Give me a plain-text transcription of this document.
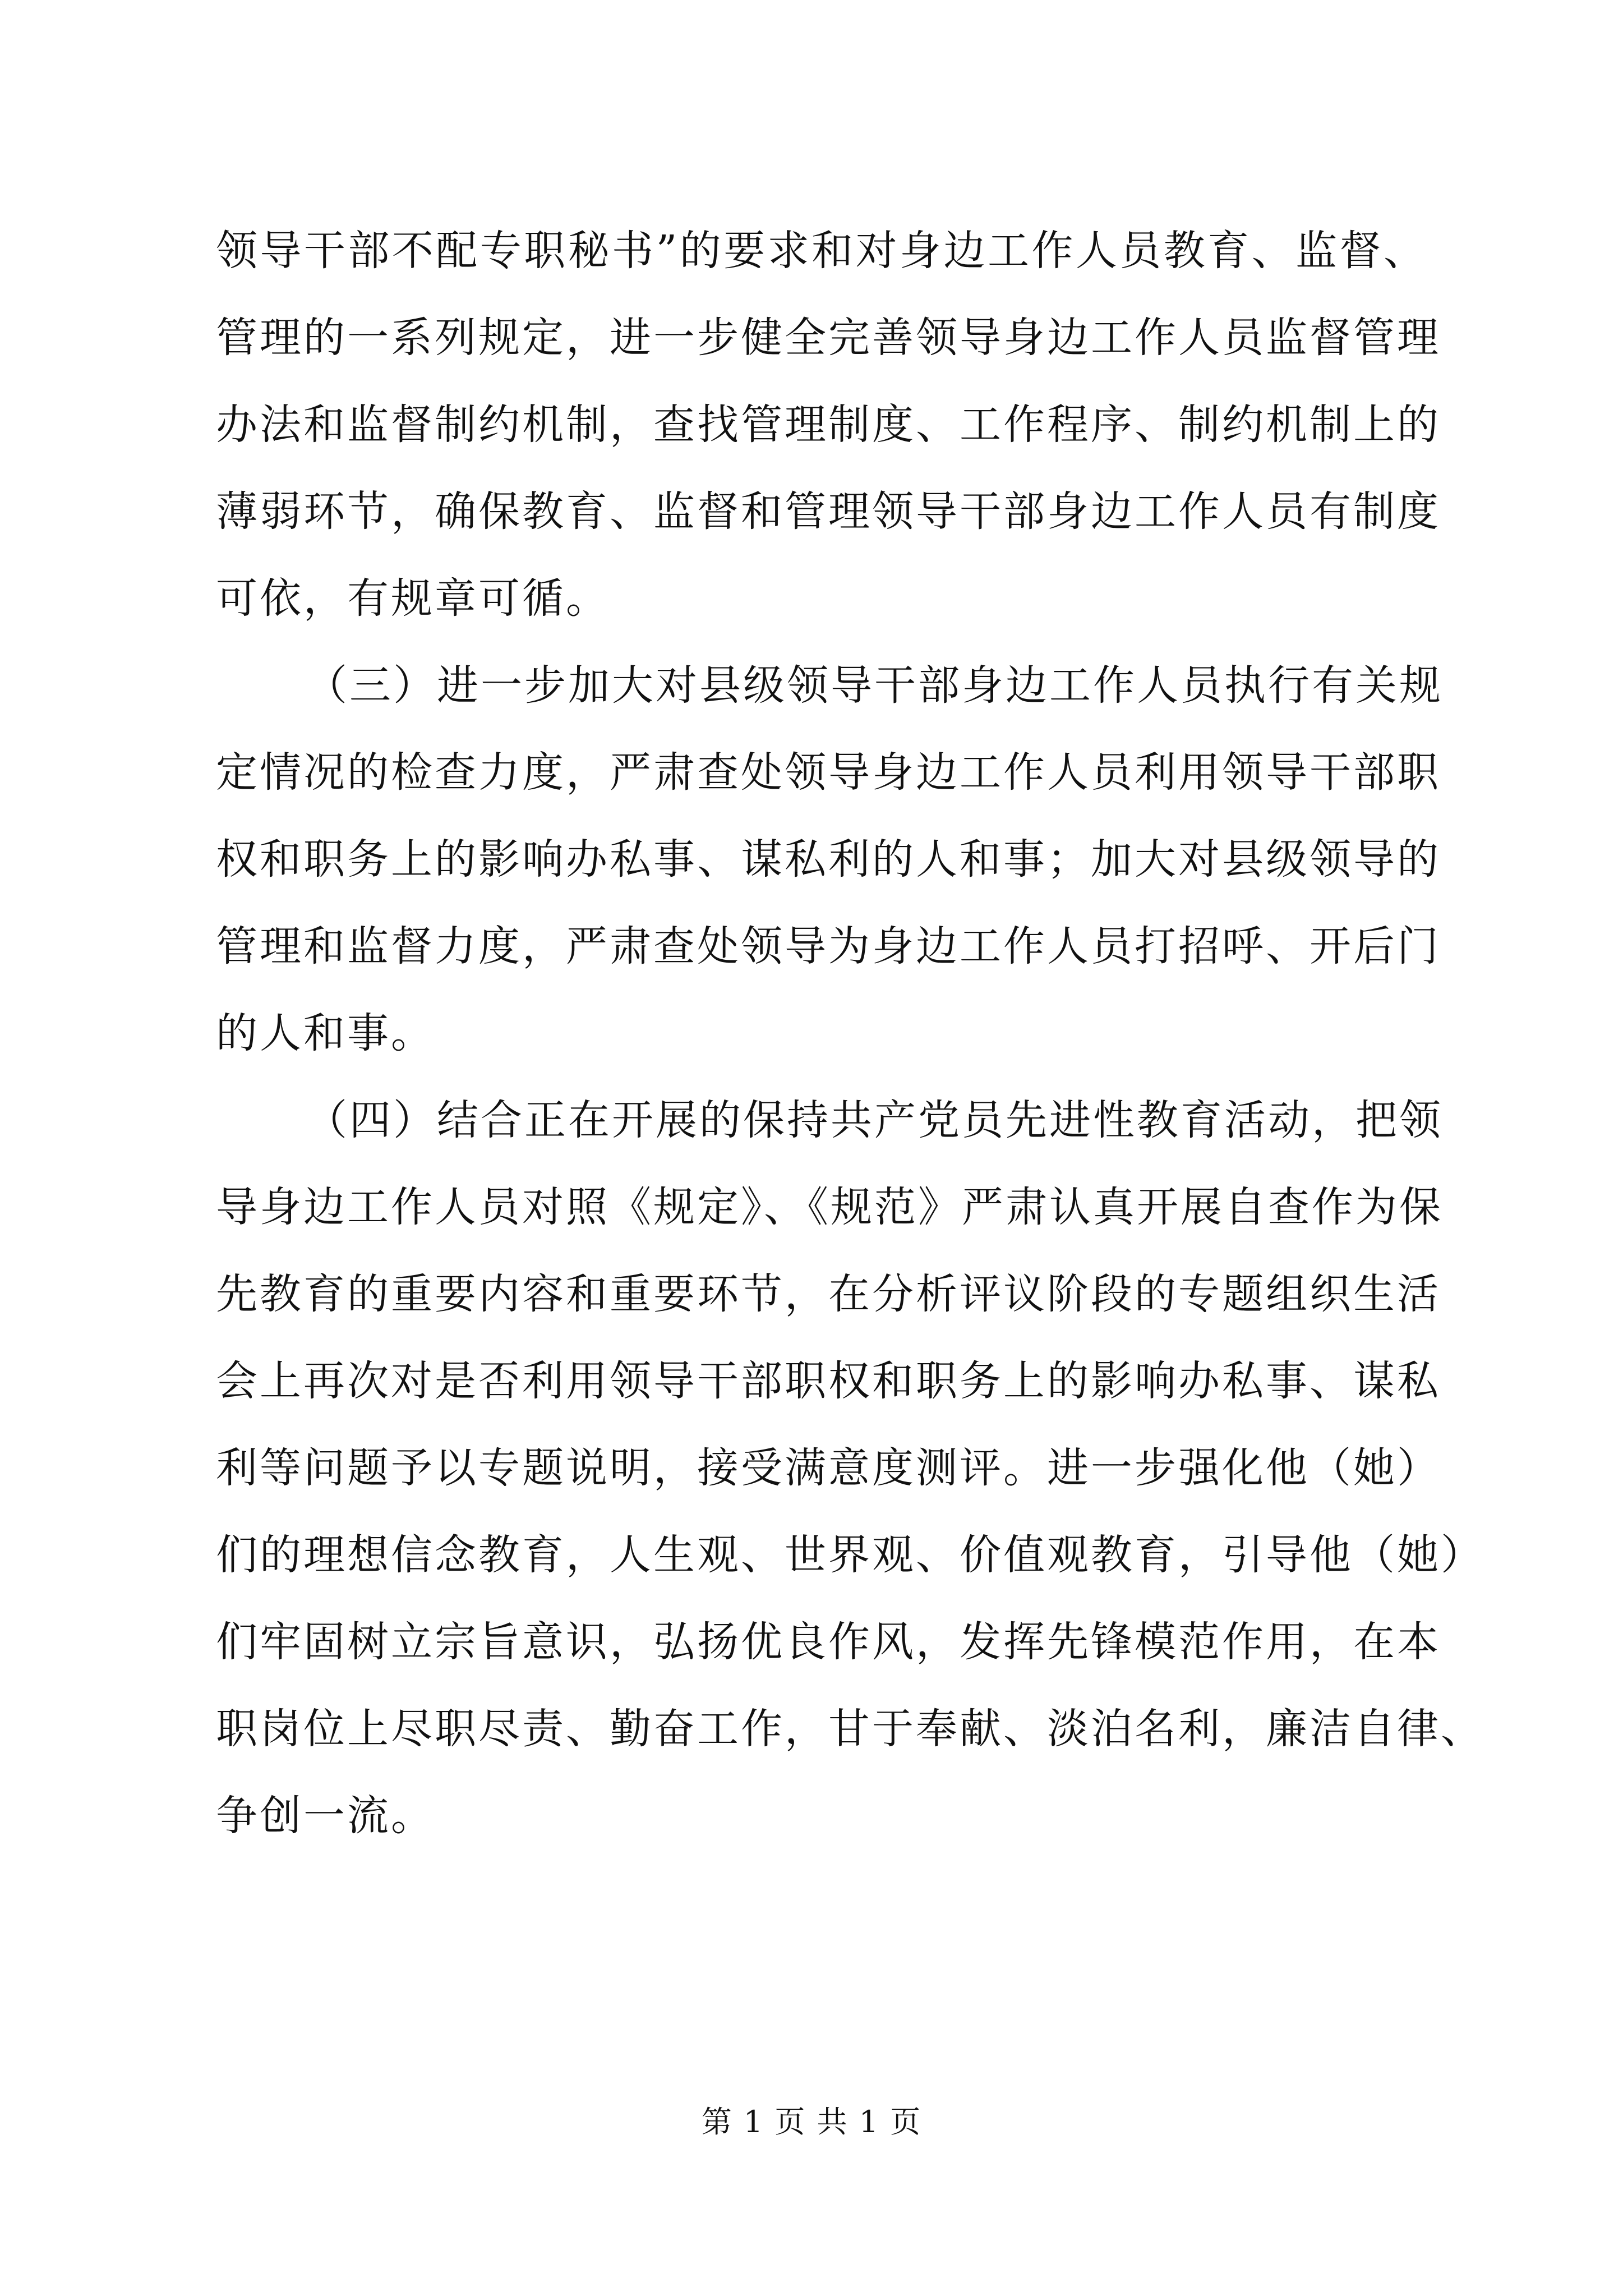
领导干部不配专职秘书”的要求和对身边工作人员教育、监督、
管理的一系列规定，进一步健全完善领导身边工作人员监督管理
办法和监督制约机制，查找管理制度、工作程序、制约机制上的
薄弱环节，确保教育、监督和管理领导干部身边工作人员有制度
可依，有规章可循。
（三）进一步加大对县级领导干部身边工作人员执行有关规
定情况的检查力度，严肃查处领导身边工作人员利用领导干部职
权和职务上的影响办私事、谋私利的人和事；加大对县级领导的
管理和监督力度，严肃查处领导为身边工作人员打招呼、开后门
的人和事。
（四）结合正在开展的保持共产党员先进性教育活动，把领
导身边工作人员对照《规定》、《规范》严肃认真开展自查作为保
先教育的重要内容和重要环节，在分析评议阶段的专题组织生活
会上再次对是否利用领导干部职权和职务上的影响办私事、谋私
利等问题予以专题说明，接受满意度测评。进一步强化他（她）
们的理想信念教育，人生观、世界观、价值观教育，引导他（她）
们牢固树立宗旨意识，弘扬优良作风，发挥先锋模范作用，在本
职岗位上尽职尽责、勤奋工作，甘于奉献、淡泊名利，廉洁自律、
争创一流。
第 1 页 共 1 页
